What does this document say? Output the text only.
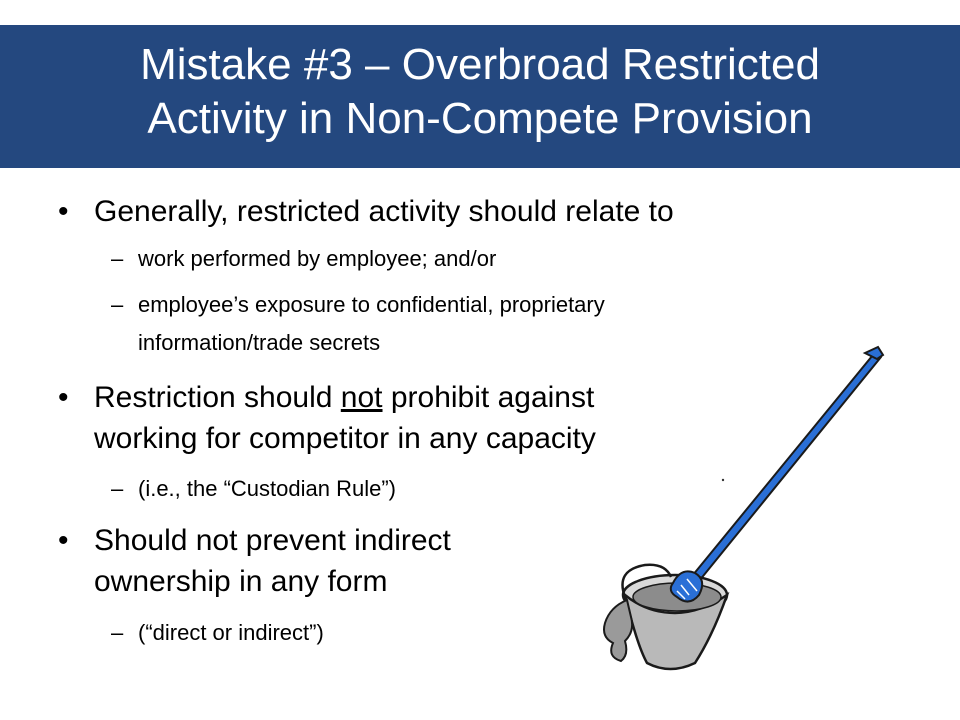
Mistake #3 – Overbroad Restricted
Activity in Non-Compete Provision
• Generally, restricted activity should relate to
– work performed by employee; and/or
– employee’s exposure to confidential, proprietary
information/trade secrets
• Restriction should not prohibit against
working for competitor in any capacity
– (i.e., the “Custodian Rule”)
• Should not prevent indirect
ownership in any form
– (“direct or indirect”)
